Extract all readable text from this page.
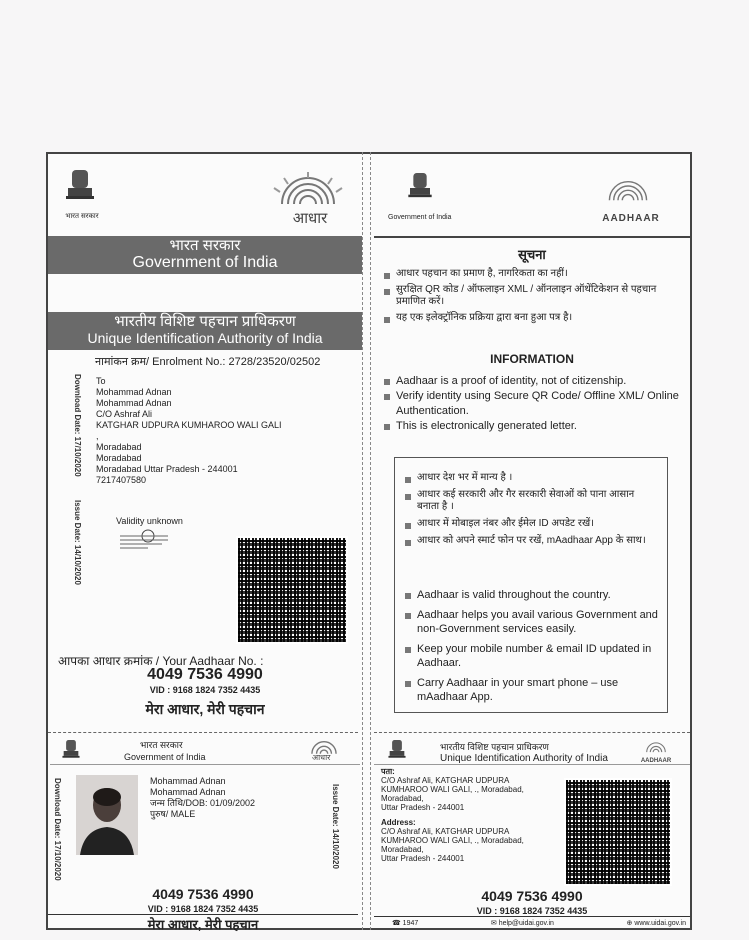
भारत सरकार	आधार
भारत सरकार
Government of India
भारतीय विशिष्ट पहचान प्राधिकरण
Unique Identification Authority of India
नामांकन क्रम/ Enrolment No.: 2728/23520/02502
Download Date: 17/10/2020
Issue Date: 14/10/2020
To
Mohammad Adnan
Mohammad Adnan
C/O Ashraf Ali
KATGHAR UDPURA KUMHAROO WALI GALI
,
Moradabad
Moradabad
Moradabad Uttar Pradesh - 244001
7217407580
Validity unknown
आपका आधार क्रमांक / Your Aadhaar No. :
4049 7536 4990
VID : 9168 1824 7352 4435
मेरा आधार, मेरी पहचान
Government of India	AADHAAR
सूचना
आधार पहचान का प्रमाण है, नागरिकता का नहीं।
सुरक्षित QR कोड / ऑफलाइन XML / ऑनलाइन ऑथेंटिकेशन से पहचान प्रमाणित करें।
यह एक इलेक्ट्रॉनिक प्रक्रिया द्वारा बना हुआ पत्र है।
INFORMATION
Aadhaar is a proof of identity, not of citizenship.
Verify identity using Secure QR Code/ Offline XML/ Online Authentication.
This is electronically generated letter.
आधार देश भर में मान्य है ।
आधार कई सरकारी और गैर सरकारी सेवाओं को पाना आसान बनाता है ।
आधार में मोबाइल नंबर और ईमेल ID अपडेट रखें।
आधार को अपने स्मार्ट फोन पर रखें, mAadhaar App के साथ।
Aadhaar is valid throughout the country.
Aadhaar helps you avail various Government and non-Government services easily.
Keep your mobile number & email ID updated in Aadhaar.
Carry Aadhaar in your smart phone – use mAadhaar App.
भारत सरकार
Government of India	आधार
Download Date: 17/10/2020	Issue Date: 14/10/2020
Mohammad Adnan
Mohammad Adnan
जन्म तिथि/DOB: 01/09/2002
पुरुष/ MALE
4049 7536 4990
VID : 9168 1824 7352 4435
मेरा आधार, मेरी पहचान
भारतीय विशिष्ट पहचान प्राधिकरण
Unique Identification Authority of India	AADHAAR
पता:
C/O Ashraf Ali, KATGHAR UDPURA
KUMHAROO WALI GALI, ., Moradabad,
Moradabad,
Uttar Pradesh - 244001
Address:
C/O Ashraf Ali, KATGHAR UDPURA
KUMHAROO WALI GALI, ., Moradabad,
Moradabad,
Uttar Pradesh - 244001
4049 7536 4990
VID : 9168 1824 7352 4435
☎ 1947	✉ help@uidai.gov.in	⊕ www.uidai.gov.in
